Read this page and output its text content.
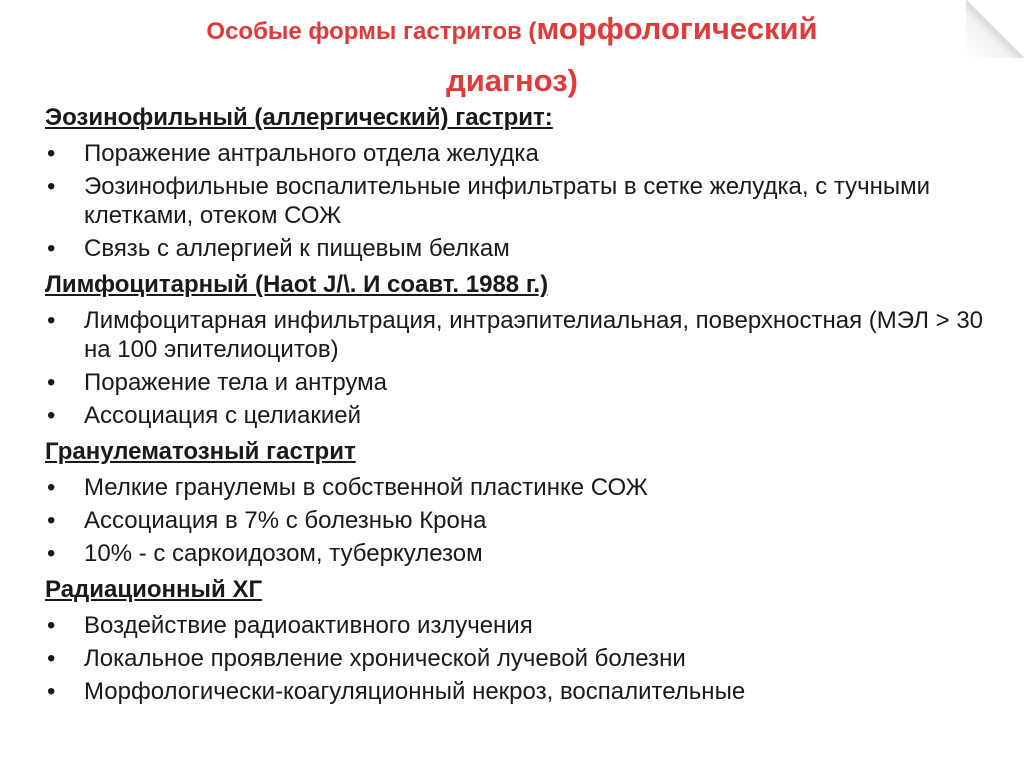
Особые формы гастритов (морфологический
диагноз)
Эозинофильный (аллергический) гастрит:
• Поражение антрального отдела желудка
• Эозинофильные воспалительные инфильтраты в сетке желудка, с тучными клетками, отеком СОЖ
• Связь с аллергией к пищевым белкам
Лимфоцитарный (Haot J/\. И соавт. 1988 г.)
• Лимфоцитарная инфильтрация, интраэпителиальная, поверхностная (МЭЛ > 30 на 100 эпителиоцитов)
• Поражение тела и антрума
• Ассоциация с целиакией
Гранулематозный гастрит
• Мелкие гранулемы в собственной пластинке СОЖ
• Ассоциация в 7% с болезнью Крона
• 10% - с саркоидозом, туберкулезом
Радиационный ХГ
• Воздействие радиоактивного излучения
• Локальное проявление хронической лучевой болезни
• Морфологически-коагуляционный некроз, воспалительные
